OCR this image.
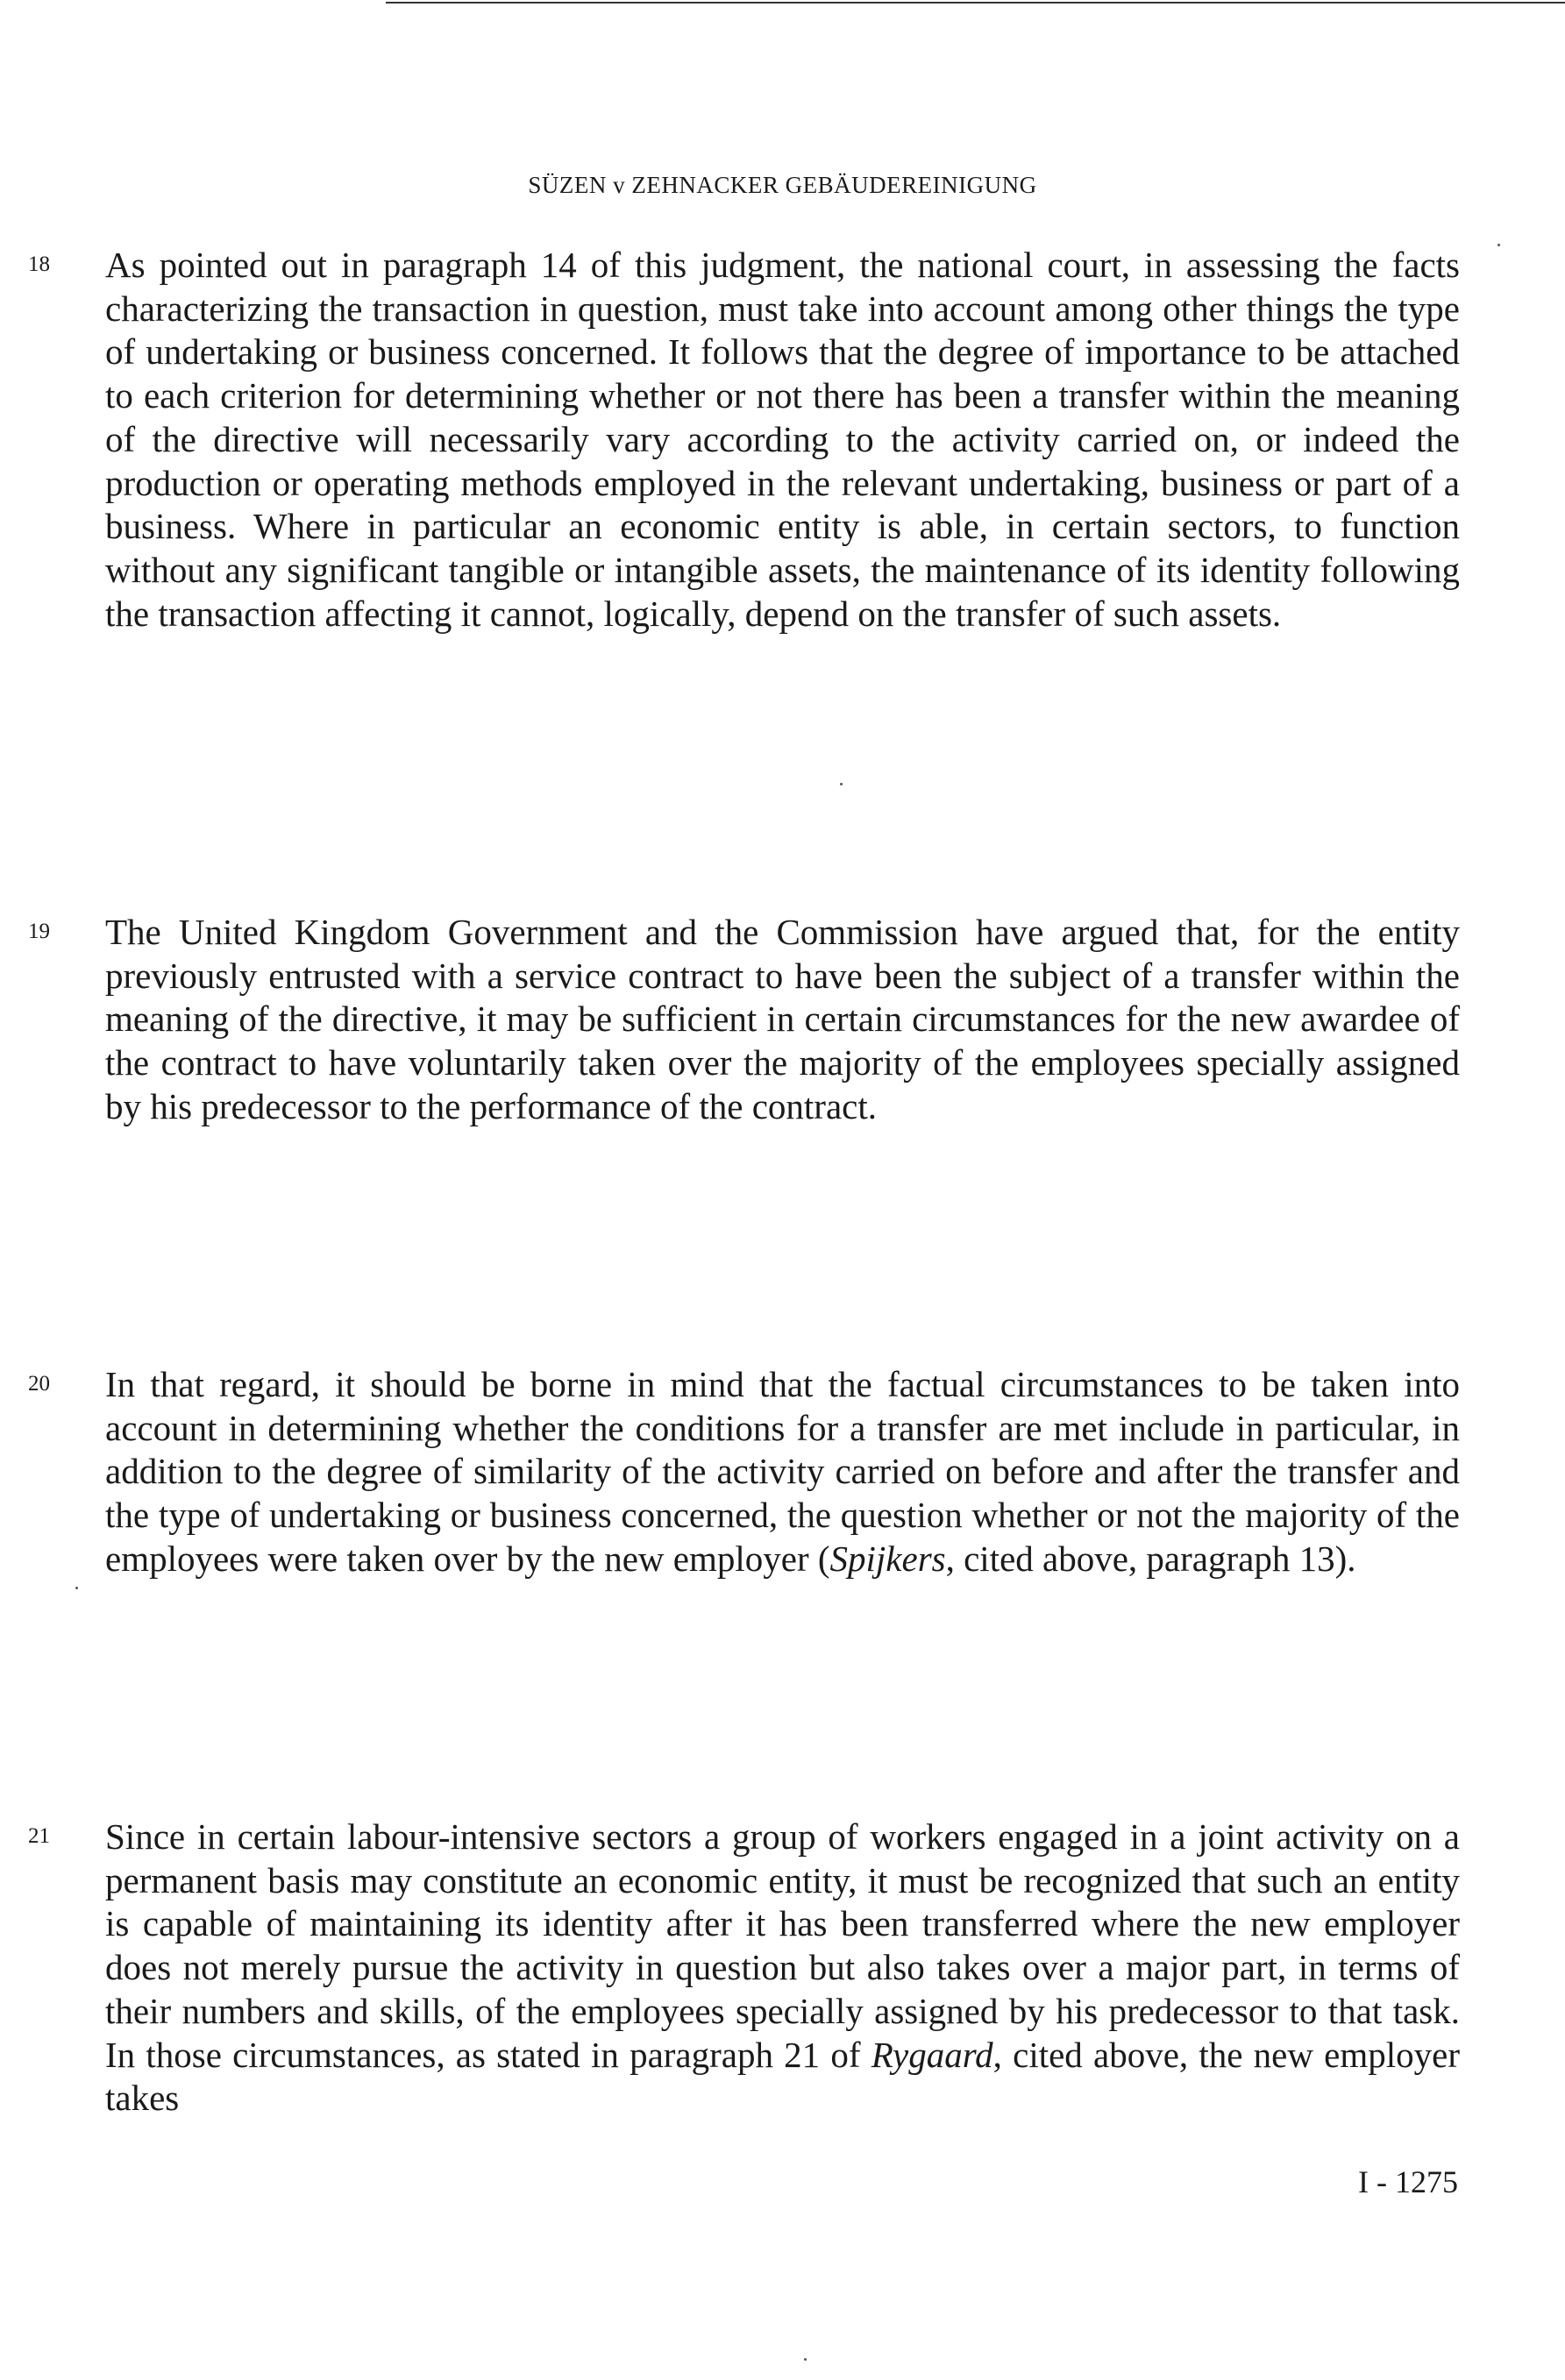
SÜZEN v ZEHNACKER GEBÄUDEREINIGUNG
18 As pointed out in paragraph 14 of this judgment, the national court, in assessing the facts characterizing the transaction in question, must take into account among other things the type of undertaking or business concerned. It follows that the degree of importance to be attached to each criterion for determining whether or not there has been a transfer within the meaning of the directive will necessarily vary according to the activity carried on, or indeed the production or operating methods employed in the relevant undertaking, business or part of a business. Where in particular an economic entity is able, in certain sectors, to function without any significant tangible or intangible assets, the maintenance of its identity following the transaction affecting it cannot, logically, depend on the transfer of such assets.
19 The United Kingdom Government and the Commission have argued that, for the entity previously entrusted with a service contract to have been the subject of a transfer within the meaning of the directive, it may be sufficient in certain circumstances for the new awardee of the contract to have voluntarily taken over the majority of the employees specially assigned by his predecessor to the performance of the contract.
20 In that regard, it should be borne in mind that the factual circumstances to be taken into account in determining whether the conditions for a transfer are met include in particular, in addition to the degree of similarity of the activity carried on before and after the transfer and the type of undertaking or business concerned, the question whether or not the majority of the employees were taken over by the new employer (Spijkers, cited above, paragraph 13).
21 Since in certain labour-intensive sectors a group of workers engaged in a joint activity on a permanent basis may constitute an economic entity, it must be recognized that such an entity is capable of maintaining its identity after it has been transferred where the new employer does not merely pursue the activity in question but also takes over a major part, in terms of their numbers and skills, of the employees specially assigned by his predecessor to that task. In those circumstances, as stated in paragraph 21 of Rygaard, cited above, the new employer takes
I - 1275
